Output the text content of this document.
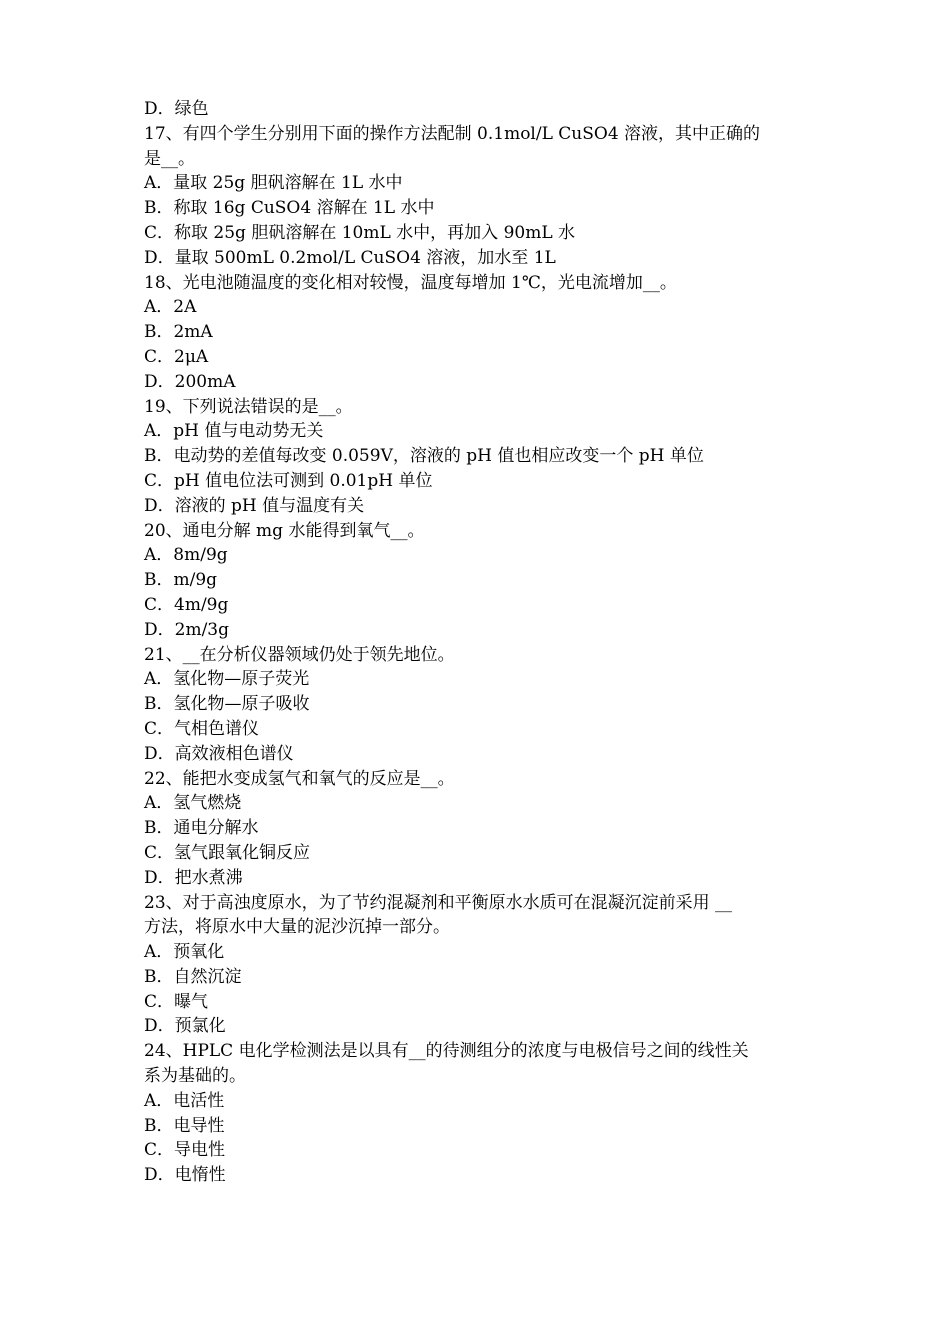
D．绿色
17、有四个学生分别用下面的操作方法配制 0.1mol/L CuSO4 溶液，其中正确的
是__。
A．量取 25g 胆矾溶解在 1L 水中
B．称取 16g CuSO4 溶解在 1L 水中
C．称取 25g 胆矾溶解在 10mL 水中，再加入 90mL 水
D．量取 500mL 0.2mol/L CuSO4 溶液，加水至 1L
18、光电池随温度的变化相对较慢，温度每增加 1℃，光电流增加__。
A．2A
B．2mA
C．2μA
D．200mA
19、下列说法错误的是__。
A．pH 值与电动势无关
B．电动势的差值每改变 0.059V，溶液的 pH 值也相应改变一个 pH 单位
C．pH 值电位法可测到 0.01pH 单位
D．溶液的 pH 值与温度有关
20、通电分解 mg 水能得到氧气__。
A．8m/9g
B．m/9g
C．4m/9g
D．2m/3g
21、__在分析仪器领域仍处于领先地位。
A．氢化物—原子荧光
B．氢化物—原子吸收
C．气相色谱仪
D．高效液相色谱仪
22、能把水变成氢气和氧气的反应是__。
A．氢气燃烧
B．通电分解水
C．氢气跟氧化铜反应
D．把水煮沸
23、对于高浊度原水，为了节约混凝剂和平衡原水水质可在混凝沉淀前采用 __
方法，将原水中大量的泥沙沉掉一部分。
A．预氧化
B．自然沉淀
C．曝气
D．预氯化
24、HPLC 电化学检测法是以具有__的待测组分的浓度与电极信号之间的线性关
系为基础的。
A．电活性
B．电导性
C．导电性
D．电惰性
